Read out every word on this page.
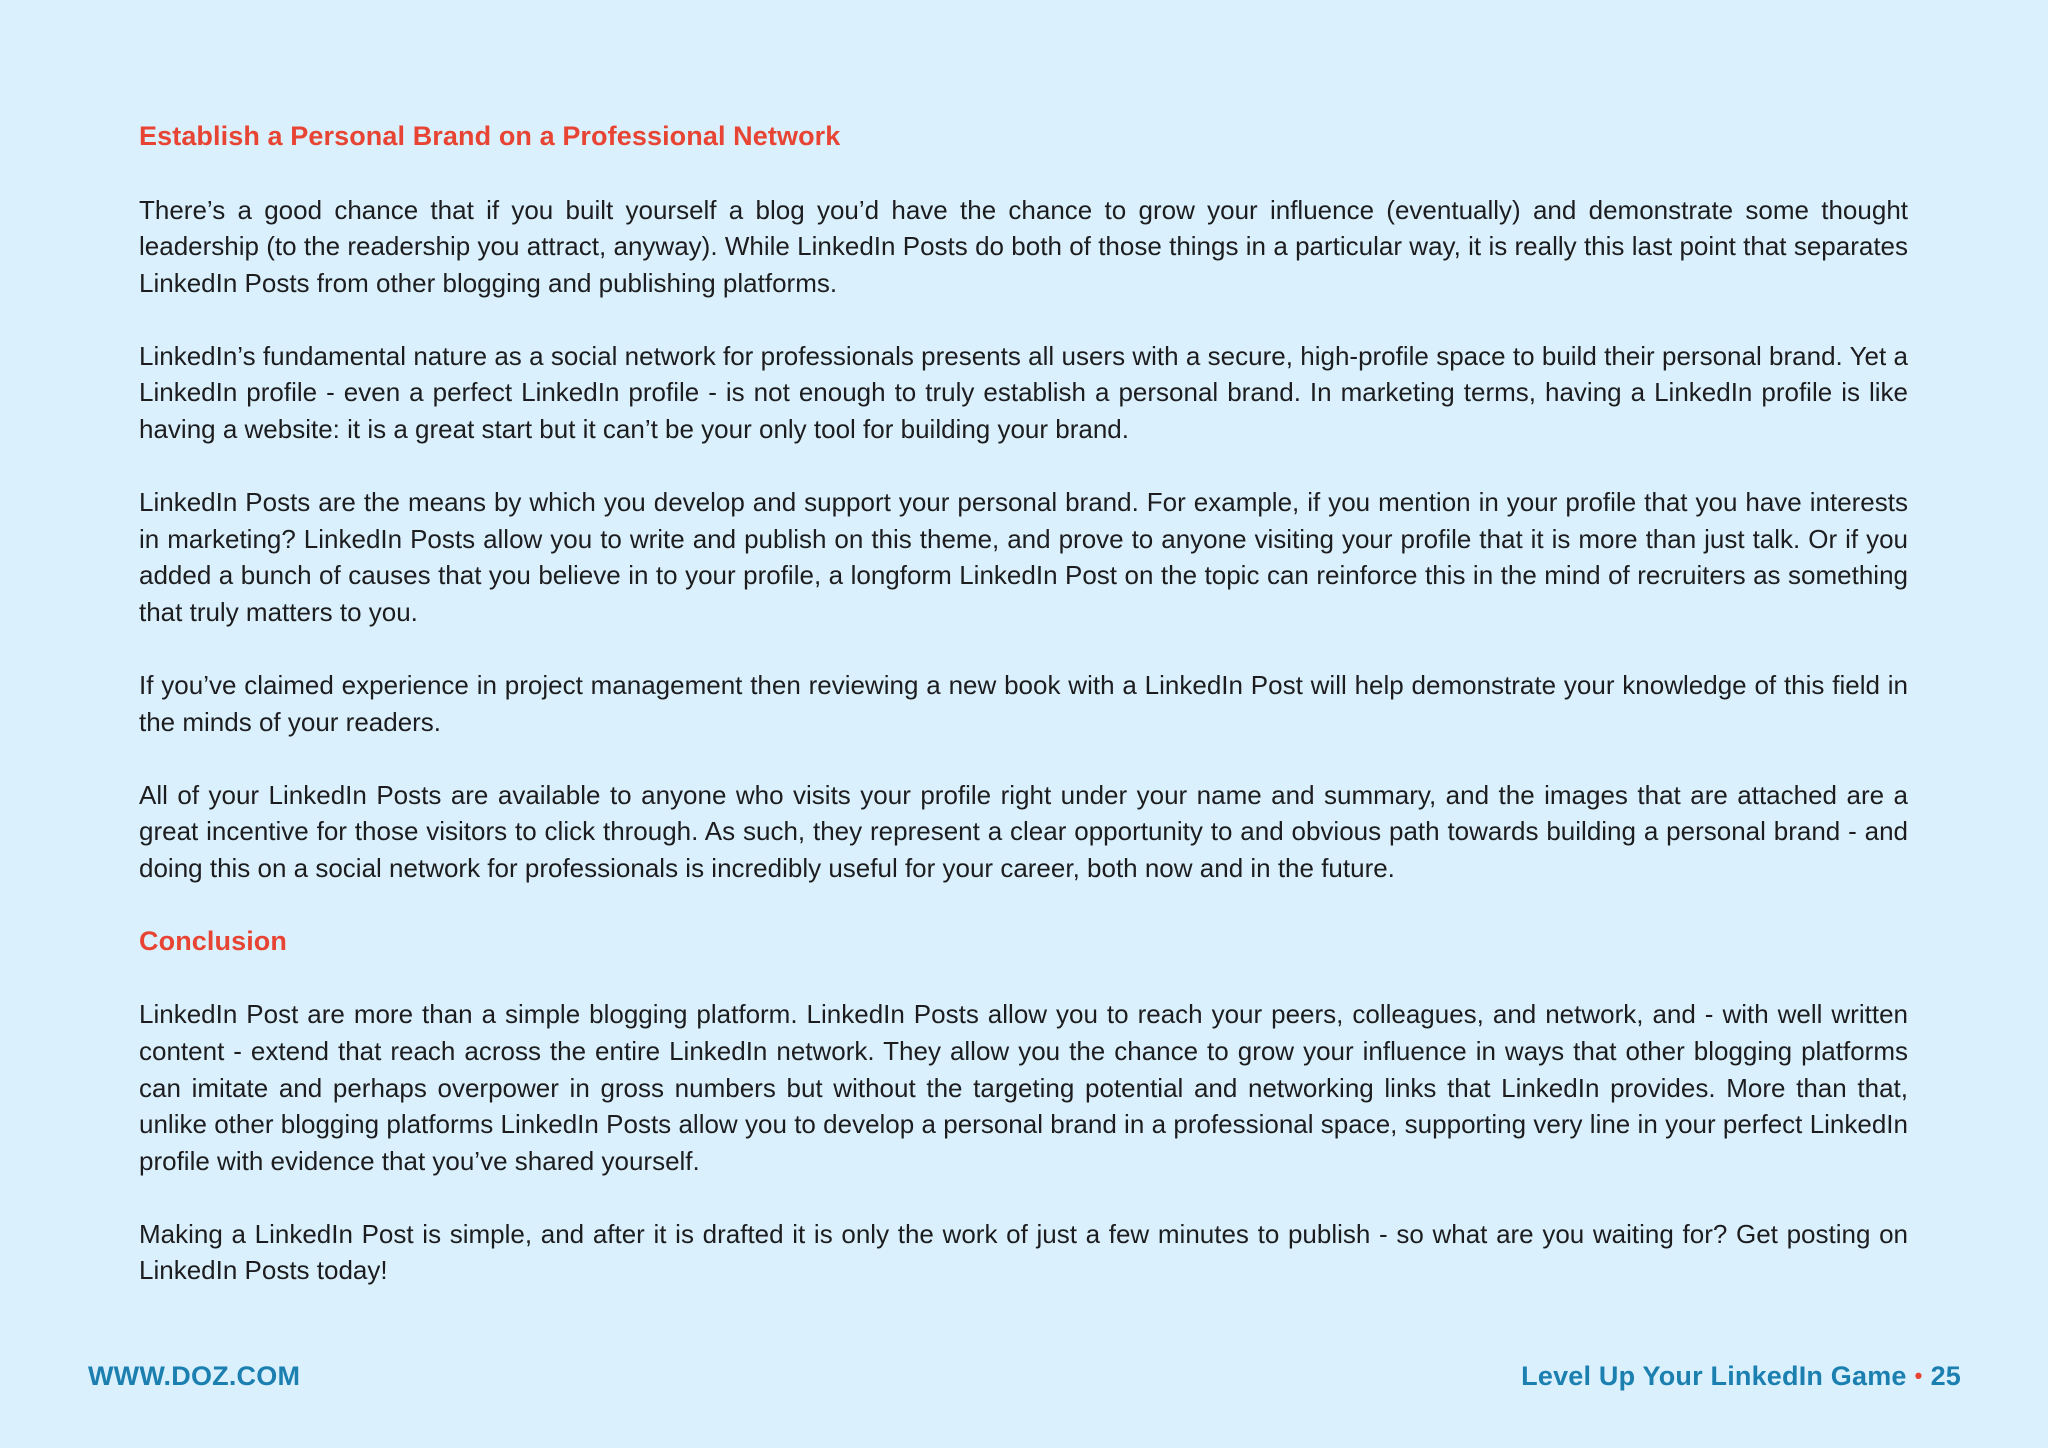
Establish a Personal Brand on a Professional Network

There’s a good chance that if you built yourself a blog you’d have the chance to grow your influence (eventually) and demonstrate some thought leadership (to the readership you attract, anyway). While LinkedIn Posts do both of those things in a particular way, it is really this last point that separates LinkedIn Posts from other blogging and publishing platforms.

LinkedIn’s fundamental nature as a social network for professionals presents all users with a secure, high-profile space to build their personal brand. Yet a LinkedIn profile - even a perfect LinkedIn profile - is not enough to truly establish a personal brand. In marketing terms, having a LinkedIn profile is like having a website: it is a great start but it can’t be your only tool for building your brand.

LinkedIn Posts are the means by which you develop and support your personal brand. For example, if you mention in your profile that you have interests in marketing? LinkedIn Posts allow you to write and publish on this theme, and prove to anyone visiting your profile that it is more than just talk. Or if you added a bunch of causes that you believe in to your profile, a longform LinkedIn Post on the topic can reinforce this in the mind of recruiters as something that truly matters to you.

If you’ve claimed experience in project management then reviewing a new book with a LinkedIn Post will help demonstrate your knowledge of this field in the minds of your readers.

All of your LinkedIn Posts are available to anyone who visits your profile right under your name and summary, and the images that are attached are a great incentive for those visitors to click through. As such, they represent a clear opportunity to and obvious path towards building a personal brand - and doing this on a social network for professionals is incredibly useful for your career, both now and in the future.

Conclusion

LinkedIn Post are more than a simple blogging platform. LinkedIn Posts allow you to reach your peers, colleagues, and network, and - with well written content - extend that reach across the entire LinkedIn network. They allow you the chance to grow your influence in ways that other blogging platforms can imitate and perhaps overpower in gross numbers but without the targeting potential and networking links that LinkedIn provides. More than that, unlike other blogging platforms LinkedIn Posts allow you to develop a personal brand in a professional space, supporting very line in your perfect LinkedIn profile with evidence that you’ve shared yourself.

Making a LinkedIn Post is simple, and after it is drafted it is only the work of just a few minutes to publish - so what are you waiting for? Get posting on LinkedIn Posts today!

WWW.DOZ.COM	Level Up Your LinkedIn Game • 25
